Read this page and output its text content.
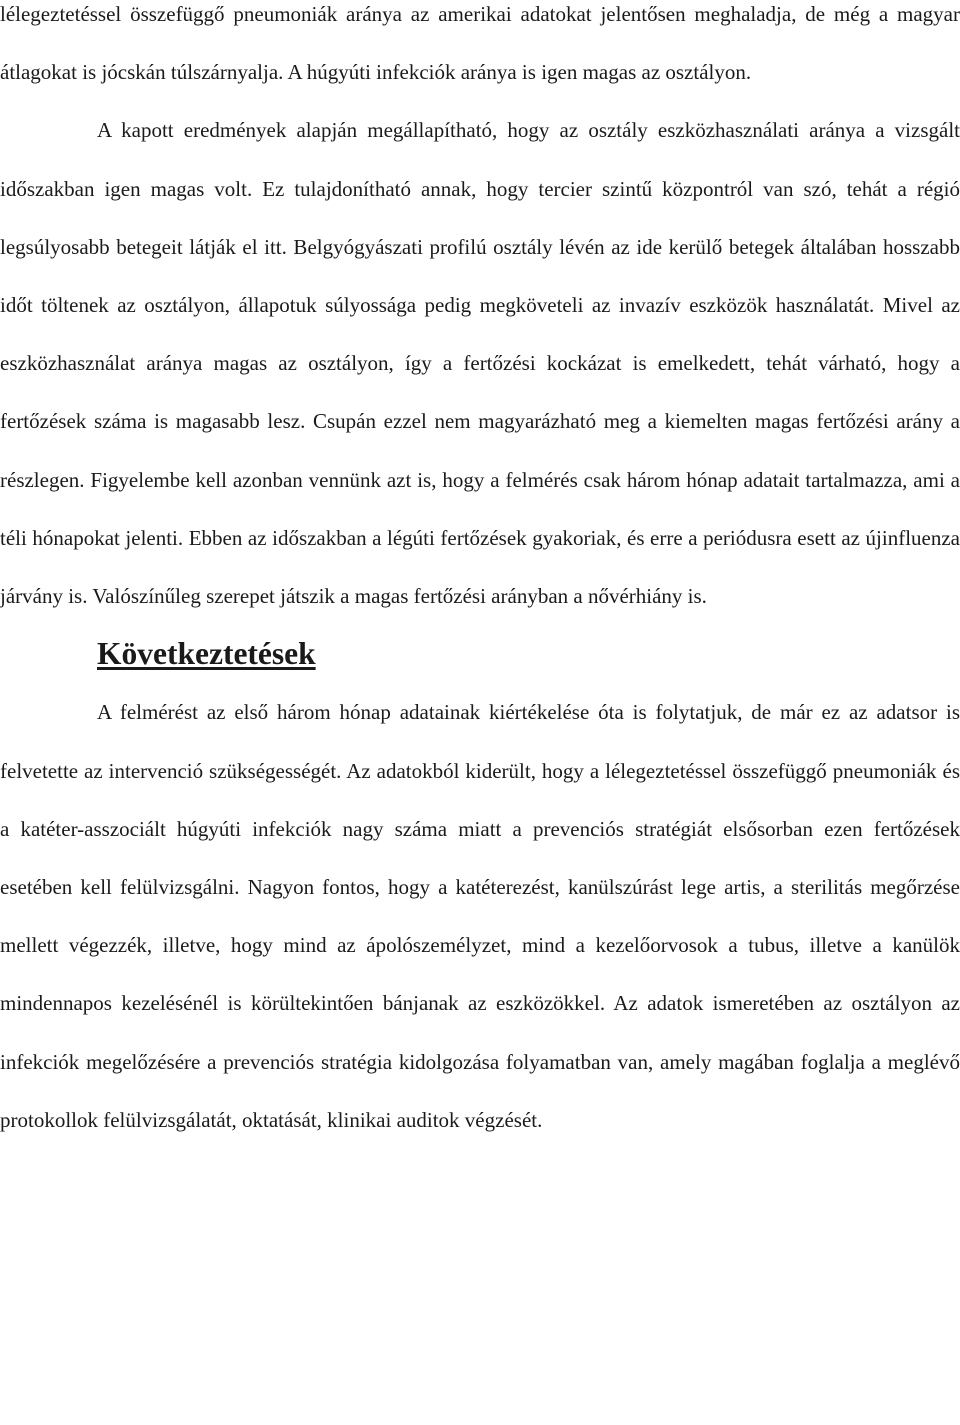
lélegeztetéssel összefüggő pneumoniák aránya az amerikai adatokat jelentősen meghaladja, de még a magyar átlagokat is jócskán túlszárnyalja. A húgyúti infekciók aránya is igen magas az osztályon.

A kapott eredmények alapján megállapítható, hogy az osztály eszközhasználati aránya a vizsgált időszakban igen magas volt. Ez tulajdonítható annak, hogy tercier szintű központról van szó, tehát a régió legsúlyosabb betegeit látják el itt. Belgyógyászati profilú osztály lévén az ide kerülő betegek általában hosszabb időt töltenek az osztályon, állapotuk súlyossága pedig megköveteli az invazív eszközök használatát. Mivel az eszközhasználat aránya magas az osztályon, így a fertőzési kockázat is emelkedett, tehát várható, hogy a fertőzések száma is magasabb lesz. Csupán ezzel nem magyarázható meg a kiemelten magas fertőzési arány a részlegen. Figyelembe kell azonban vennünk azt is, hogy a felmérés csak három hónap adatait tartalmazza, ami a téli hónapokat jelenti. Ebben az időszakban a légúti fertőzések gyakoriak, és erre a periódusra esett az újinfluenza járvány is. Valószínűleg szerepet játszik a magas fertőzési arányban a nővérhiány is.

Következtetések

A felmérést az első három hónap adatainak kiértékelése óta is folytatjuk, de már ez az adatsor is felvetette az intervenció szükségességét. Az adatokból kiderült, hogy a lélegeztetéssel összefüggő pneumoniák és a katéter-asszociált húgyúti infekciók nagy száma miatt a prevenciós stratégiát elsősorban ezen fertőzések esetében kell felülvizsgálni. Nagyon fontos, hogy a katéterezést, kanülszúrást lege artis, a sterilitás megőrzése mellett végezzék, illetve, hogy mind az ápolószemélyzet, mind a kezelőorvosok a tubus, illetve a kanülök mindennapos kezelésénél is körültekintően bánjanak az eszközökkel. Az adatok ismeretében az osztályon az infekciók megelőzésére a prevenciós stratégia kidolgozása folyamatban van, amely magában foglalja a meglévő protokollok felülvizsgálatát, oktatását, klinikai auditok végzését.
